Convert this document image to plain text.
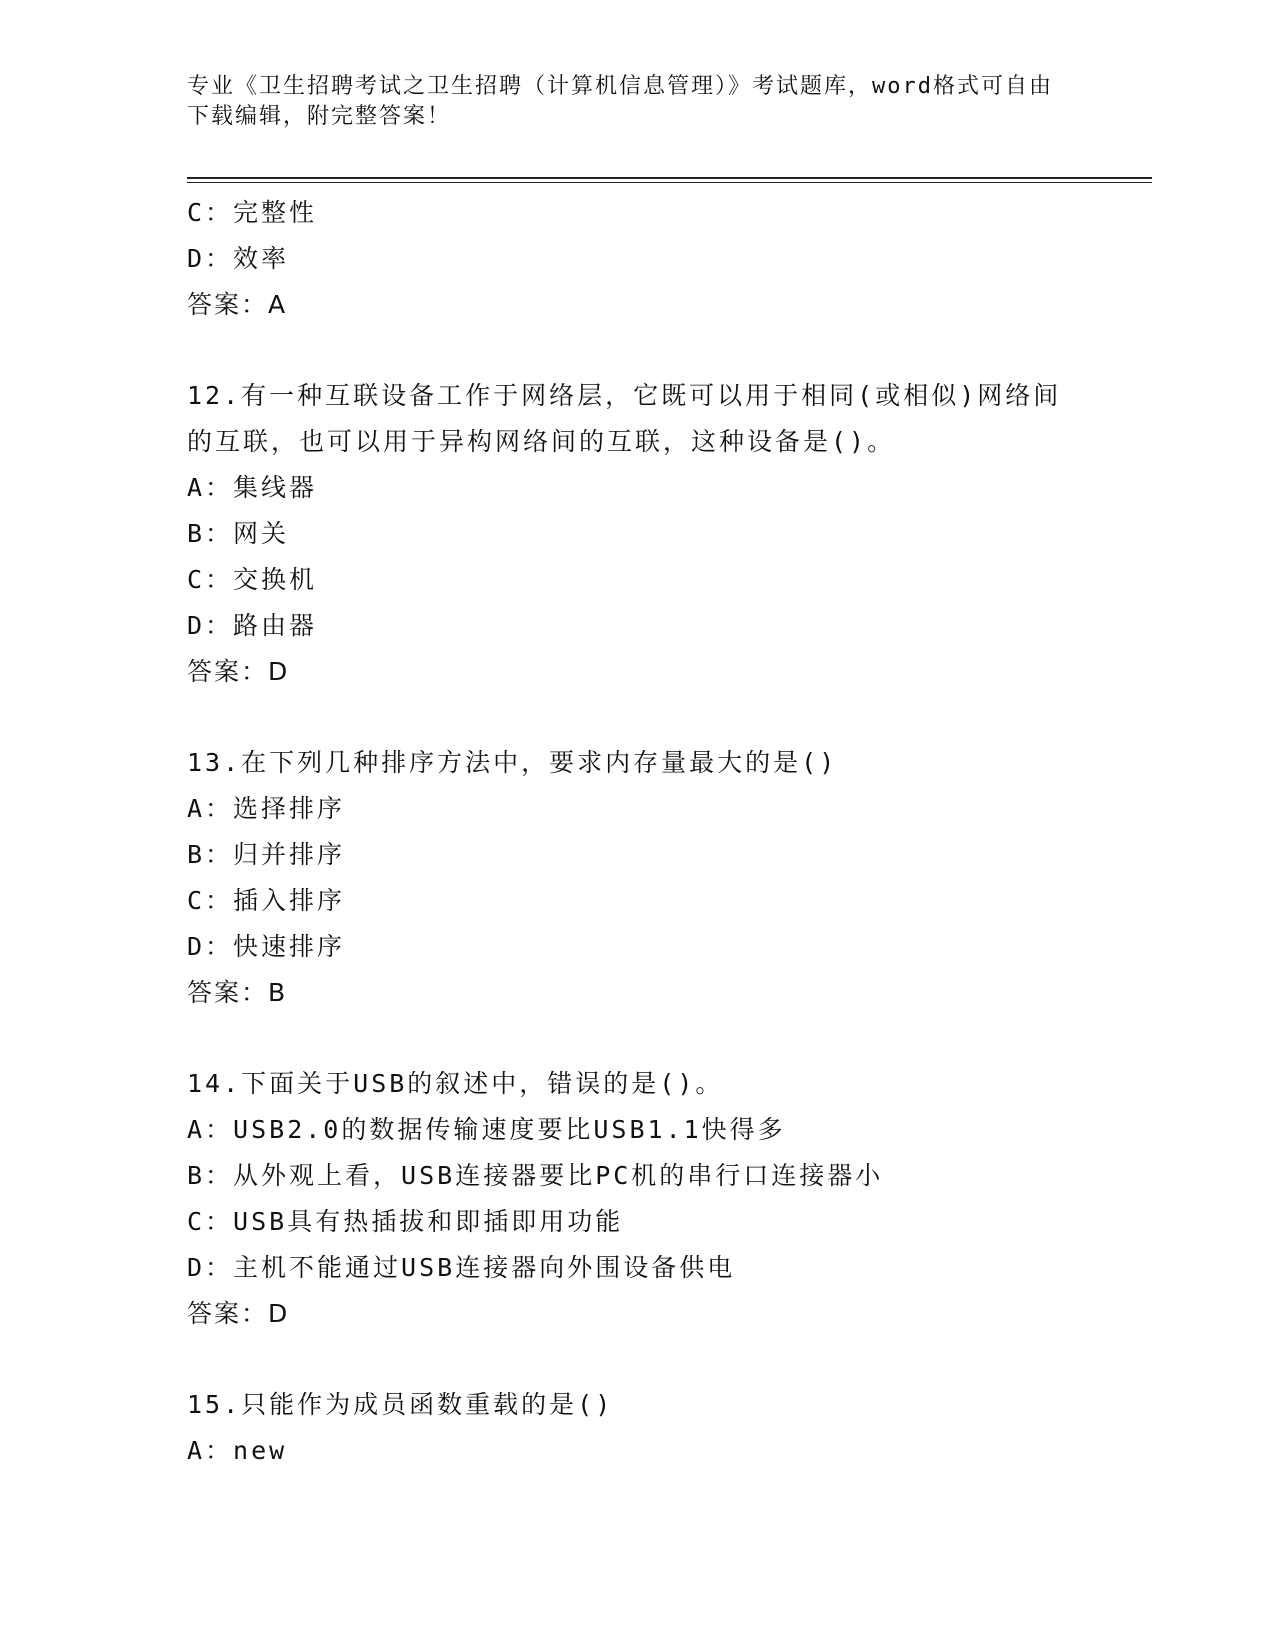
专业《卫生招聘考试之卫生招聘（计算机信息管理）》考试题库，word格式可自由下载编辑，附完整答案！
C：完整性
D：效率
答案：A
12.有一种互联设备工作于网络层，它既可以用于相同(或相似)网络间
的互联，也可以用于异构网络间的互联，这种设备是()。
A：集线器
B：网关
C：交换机
D：路由器
答案：D
13.在下列几种排序方法中，要求内存量最大的是()
A：选择排序
B：归并排序
C：插入排序
D：快速排序
答案：B
14.下面关于USB的叙述中，错误的是()。
A：USB2.0的数据传输速度要比USB1.1快得多
B：从外观上看，USB连接器要比PC机的串行口连接器小
C：USB具有热插拔和即插即用功能
D：主机不能通过USB连接器向外围设备供电
答案：D
15.只能作为成员函数重载的是()
A：new
